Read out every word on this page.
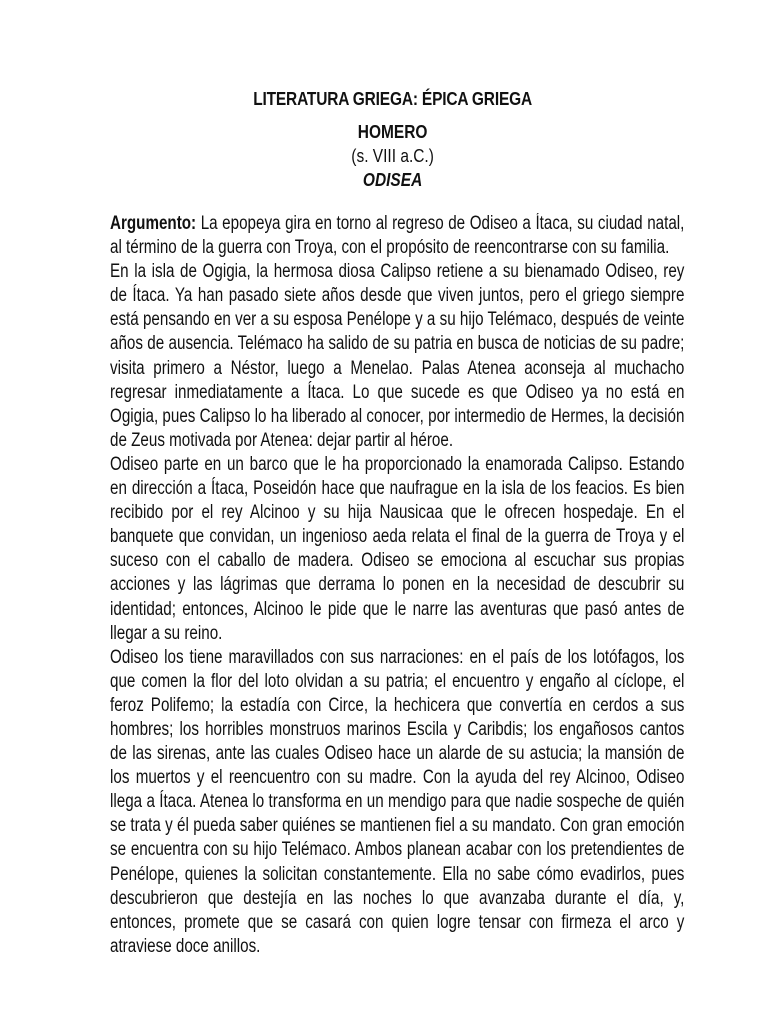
LITERATURA GRIEGA: ÉPICA GRIEGA
HOMERO
(s. VIII a.C.)
ODISEA

Argumento: La epopeya gira en torno al regreso de Odiseo a Ítaca, su ciudad natal, al término de la guerra con Troya, con el propósito de reencontrarse con su familia.

En la isla de Ogigia, la hermosa diosa Calipso retiene a su bienamado Odiseo, rey de Ítaca. Ya han pasado siete años desde que viven juntos, pero el griego siempre está pensando en ver a su esposa Penélope y a su hijo Telémaco, después de veinte años de ausencia. Telémaco ha salido de su patria en busca de noticias de su padre; visita primero a Néstor, luego a Menelao. Palas Atenea aconseja al muchacho regresar inmediatamente a Ítaca. Lo que sucede es que Odiseo ya no está en Ogigia, pues Calipso lo ha liberado al conocer, por intermedio de Hermes, la decisión de Zeus motivada por Atenea: dejar partir al héroe.

Odiseo parte en un barco que le ha proporcionado la enamorada Calipso. Estando en dirección a Ítaca, Poseidón hace que naufrague en la isla de los feacios. Es bien recibido por el rey Alcinoo y su hija Nausicaa que le ofrecen hospedaje. En el banquete que convidan, un ingenioso aeda relata el final de la guerra de Troya y el suceso con el caballo de madera. Odiseo se emociona al escuchar sus propias acciones y las lágrimas que derrama lo ponen en la necesidad de descubrir su identidad; entonces, Alcinoo le pide que le narre las aventuras que pasó antes de llegar a su reino.

Odiseo los tiene maravillados con sus narraciones: en el país de los lotófagos, los que comen la flor del loto olvidan a su patria; el encuentro y engaño al cíclope, el feroz Polifemo; la estadía con Circe, la hechicera que convertía en cerdos a sus hombres; los horribles monstruos marinos Escila y Caribdis; los engañosos cantos de las sirenas, ante las cuales Odiseo hace un alarde de su astucia; la mansión de los muertos y el reencuentro con su madre. Con la ayuda del rey Alcinoo, Odiseo llega a Ítaca. Atenea lo transforma en un mendigo para que nadie sospeche de quién se trata y él pueda saber quiénes se mantienen fiel a su mandato. Con gran emoción se encuentra con su hijo Telémaco. Ambos planean acabar con los pretendientes de Penélope, quienes la solicitan constantemente. Ella no sabe cómo evadirlos, pues descubrieron que destejía en las noches lo que avanzaba durante el día, y, entonces, promete que se casará con quien logre tensar con firmeza el arco y atraviese doce anillos.
